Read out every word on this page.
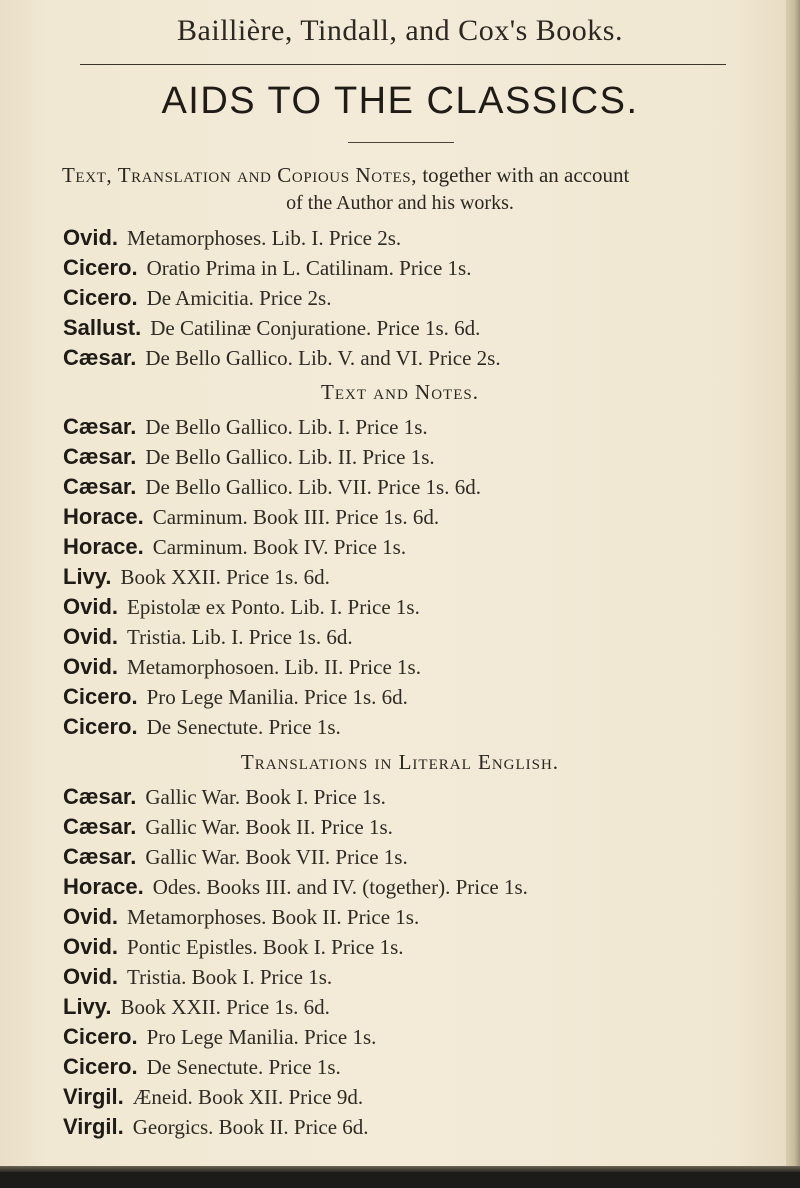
Baillière, Tindall, and Cox's Books.
AIDS TO THE CLASSICS.
Text, Translation and Copious Notes, together with an account
of the Author and his works.
Ovid. Metamorphoses. Lib. I. Price 2s.
Cicero. Oratio Prima in L. Catilinam. Price 1s.
Cicero. De Amicitia. Price 2s.
Sallust. De Catilinæ Conjuratione. Price 1s. 6d.
Cæsar. De Bello Gallico. Lib. V. and VI. Price 2s.
Text and Notes.
Cæsar. De Bello Gallico. Lib. I. Price 1s.
Cæsar. De Bello Gallico. Lib. II. Price 1s.
Cæsar. De Bello Gallico. Lib. VII. Price 1s. 6d.
Horace. Carminum. Book III. Price 1s. 6d.
Horace. Carminum. Book IV. Price 1s.
Livy. Book XXII. Price 1s. 6d.
Ovid. Epistolæ ex Ponto. Lib. I. Price 1s.
Ovid. Tristia. Lib. I. Price 1s. 6d.
Ovid. Metamorphosoen. Lib. II. Price 1s.
Cicero. Pro Lege Manilia. Price 1s. 6d.
Cicero. De Senectute. Price 1s.
Translations in Literal English.
Cæsar. Gallic War. Book I. Price 1s.
Cæsar. Gallic War. Book II. Price 1s.
Cæsar. Gallic War. Book VII. Price 1s.
Horace. Odes. Books III. and IV. (together). Price 1s.
Ovid. Metamorphoses. Book II. Price 1s.
Ovid. Pontic Epistles. Book I. Price 1s.
Ovid. Tristia. Book I. Price 1s.
Livy. Book XXII. Price 1s. 6d.
Cicero. Pro Lege Manilia. Price 1s.
Cicero. De Senectute. Price 1s.
Virgil. Æneid. Book XII. Price 9d.
Virgil. Georgics. Book II. Price 6d.
